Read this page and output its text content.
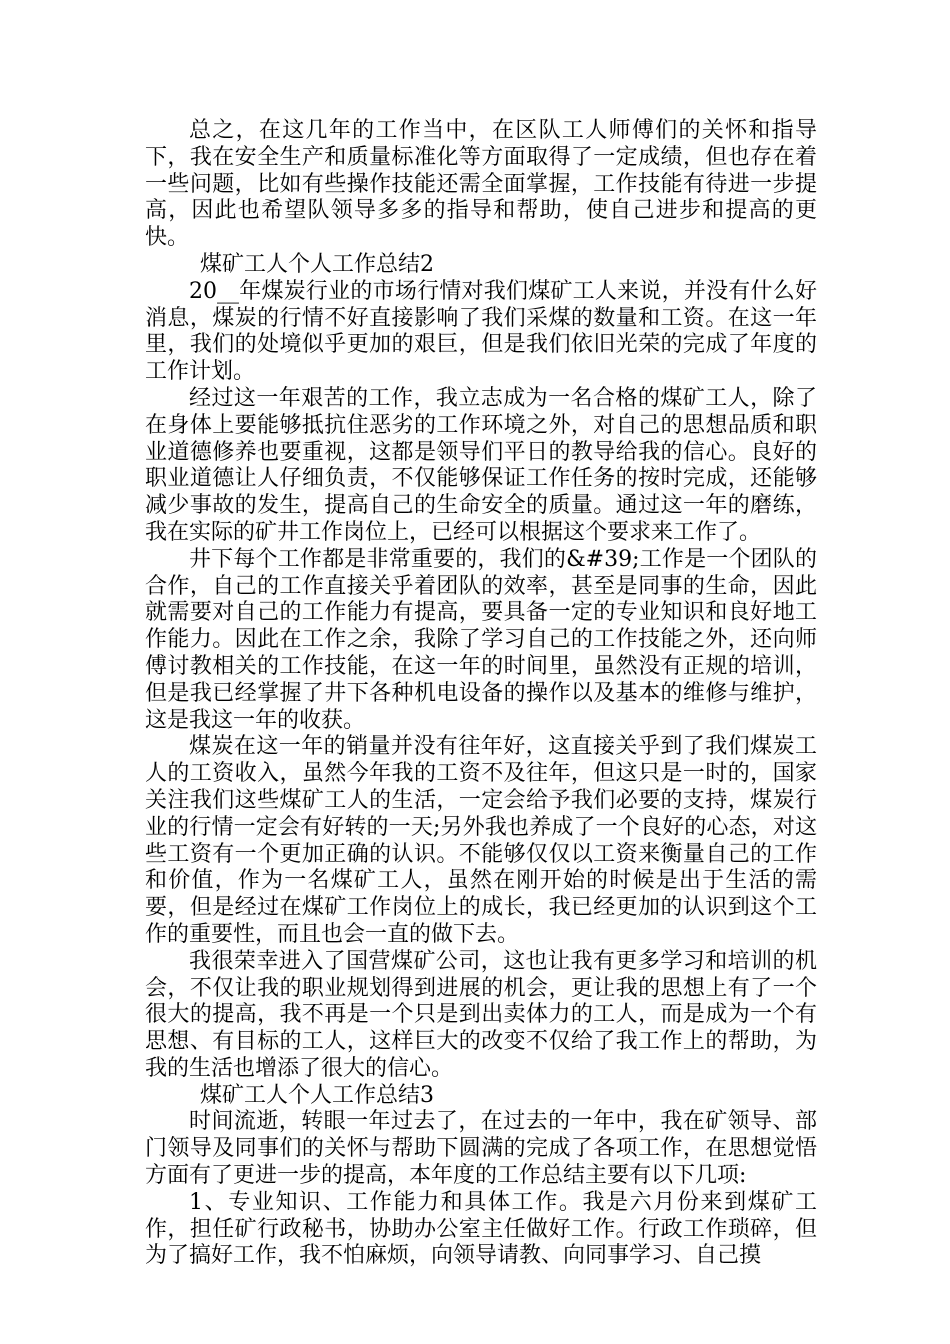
总之，在这几年的工作当中，在区队工人师傅们的关怀和指导下，我在安全生产和质量标准化等方面取得了一定成绩，但也存在着一些问题，比如有些操作技能还需全面掌握，工作技能有待进一步提高，因此也希望队领导多多的指导和帮助，使自己进步和提高的更快。

煤矿工人个人工作总结2

20__年煤炭行业的市场行情对我们煤矿工人来说，并没有什么好消息，煤炭的行情不好直接影响了我们采煤的数量和工资。在这一年里，我们的处境似乎更加的艰巨，但是我们依旧光荣的完成了年度的工作计划。

经过这一年艰苦的工作，我立志成为一名合格的煤矿工人，除了在身体上要能够抵抗住恶劣的工作环境之外，对自己的思想品质和职业道德修养也要重视，这都是领导们平日的教导给我的信心。良好的职业道德让人仔细负责，不仅能够保证工作任务的按时完成，还能够减少事故的发生，提高自己的生命安全的质量。通过这一年的磨练，我在实际的矿井工作岗位上，已经可以根据这个要求来工作了。

井下每个工作都是非常重要的，我们的&#39;工作是一个团队的合作，自己的工作直接关乎着团队的效率，甚至是同事的生命，因此就需要对自己的工作能力有提高，要具备一定的专业知识和良好地工作能力。因此在工作之余，我除了学习自己的工作技能之外，还向师傅讨教相关的工作技能，在这一年的时间里，虽然没有正规的培训，但是我已经掌握了井下各种机电设备的操作以及基本的维修与维护，这是我这一年的收获。

煤炭在这一年的销量并没有往年好，这直接关乎到了我们煤炭工人的工资收入，虽然今年我的工资不及往年，但这只是一时的，国家关注我们这些煤矿工人的生活，一定会给予我们必要的支持，煤炭行业的行情一定会有好转的一天;另外我也养成了一个良好的心态，对这些工资有一个更加正确的认识。不能够仅仅以工资来衡量自己的工作和价值，作为一名煤矿工人，虽然在刚开始的时候是出于生活的需要，但是经过在煤矿工作岗位上的成长，我已经更加的认识到这个工作的重要性，而且也会一直的做下去。

我很荣幸进入了国营煤矿公司，这也让我有更多学习和培训的机会，不仅让我的职业规划得到进展的机会，更让我的思想上有了一个很大的提高，我不再是一个只是到出卖体力的工人，而是成为一个有思想、有目标的工人，这样巨大的改变不仅给了我工作上的帮助，为我的生活也增添了很大的信心。

煤矿工人个人工作总结3

时间流逝，转眼一年过去了，在过去的一年中，我在矿领导、部门领导及同事们的关怀与帮助下圆满的完成了各项工作，在思想觉悟方面有了更进一步的提高，本年度的工作总结主要有以下几项:

1、专业知识、工作能力和具体工作。我是六月份来到煤矿工作，担任矿行政秘书，协助办公室主任做好工作。行政工作琐碎，但为了搞好工作，我不怕麻烦，向领导请教、向同事学习、自己摸
